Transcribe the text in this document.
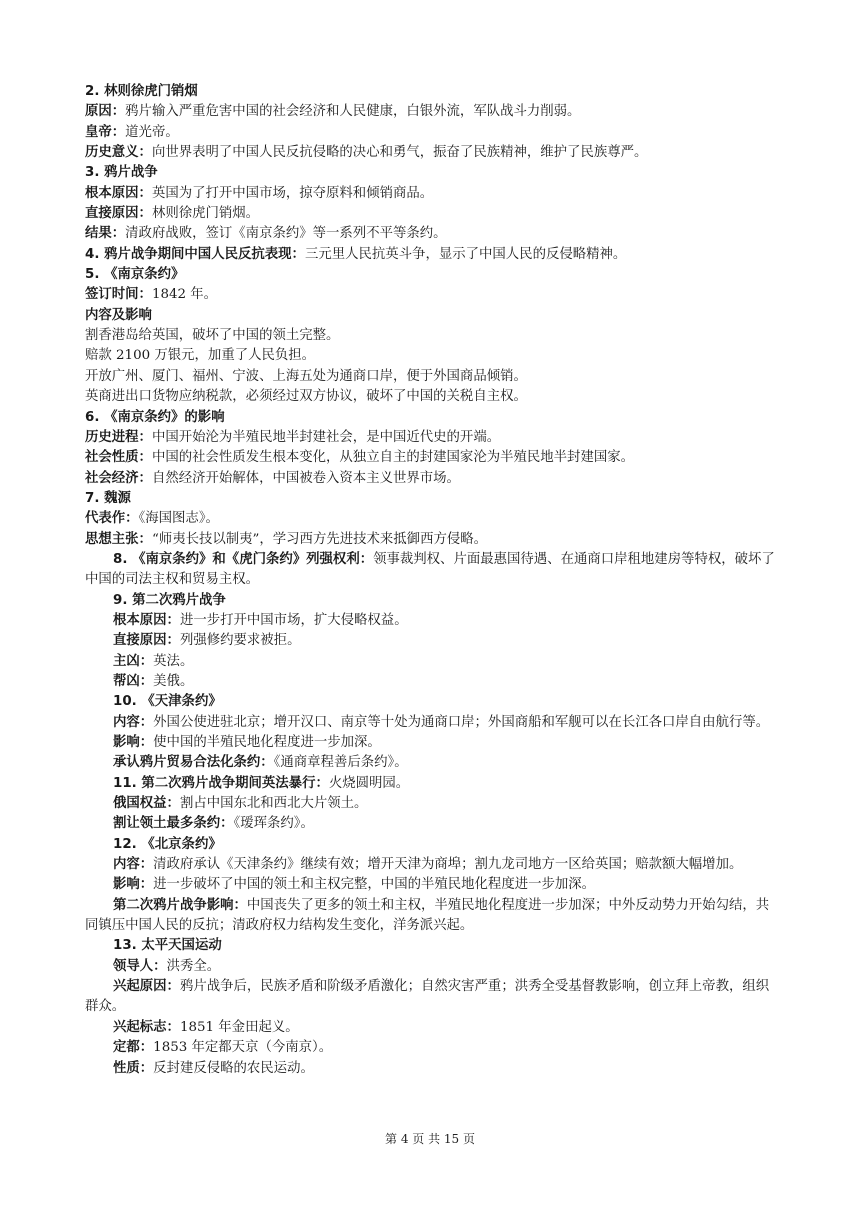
2. 林则徐虎门销烟
原因：鸦片输入严重危害中国的社会经济和人民健康，白银外流，军队战斗力削弱。
皇帝：道光帝。
历史意义：向世界表明了中国人民反抗侵略的决心和勇气，振奋了民族精神，维护了民族尊严。
3. 鸦片战争
根本原因：英国为了打开中国市场，掠夺原料和倾销商品。
直接原因：林则徐虎门销烟。
结果：清政府战败，签订《南京条约》等一系列不平等条约。
4. 鸦片战争期间中国人民反抗表现：三元里人民抗英斗争，显示了中国人民的反侵略精神。
5. 《南京条约》
签订时间：1842 年。
内容及影响
割香港岛给英国，破坏了中国的领土完整。
赔款 2100 万银元，加重了人民负担。
开放广州、厦门、福州、宁波、上海五处为通商口岸，便于外国商品倾销。
英商进出口货物应纳税款，必须经过双方协议，破坏了中国的关税自主权。
6. 《南京条约》的影响
历史进程：中国开始沦为半殖民地半封建社会，是中国近代史的开端。
社会性质：中国的社会性质发生根本变化，从独立自主的封建国家沦为半殖民地半封建国家。
社会经济：自然经济开始解体，中国被卷入资本主义世界市场。
7. 魏源
代表作：《海国图志》。
思想主张：“师夷长技以制夷”，学习西方先进技术来抵御西方侵略。
8. 《南京条约》和《虎门条约》列强权利：领事裁判权、片面最惠国待遇、在通商口岸租地建房等特权，破坏了中国的司法主权和贸易主权。
9. 第二次鸦片战争
根本原因：进一步打开中国市场，扩大侵略权益。
直接原因：列强修约要求被拒。
主凶：英法。
帮凶：美俄。
10. 《天津条约》
内容：外国公使进驻北京；增开汉口、南京等十处为通商口岸；外国商船和军舰可以在长江各口岸自由航行等。
影响：使中国的半殖民地化程度进一步加深。
承认鸦片贸易合法化条约：《通商章程善后条约》。
11. 第二次鸦片战争期间英法暴行：火烧圆明园。
俄国权益：割占中国东北和西北大片领土。
割让领土最多条约：《瑷珲条约》。
12. 《北京条约》
内容：清政府承认《天津条约》继续有效；增开天津为商埠；割九龙司地方一区给英国；赔款额大幅增加。
影响：进一步破坏了中国的领土和主权完整，中国的半殖民地化程度进一步加深。
第二次鸦片战争影响：中国丧失了更多的领土和主权，半殖民地化程度进一步加深；中外反动势力开始勾结，共同镇压中国人民的反抗；清政府权力结构发生变化，洋务派兴起。
13. 太平天国运动
领导人：洪秀全。
兴起原因：鸦片战争后，民族矛盾和阶级矛盾激化；自然灾害严重；洪秀全受基督教影响，创立拜上帝教，组织群众。
兴起标志：1851 年金田起义。
定都：1853 年定都天京（今南京）。
性质：反封建反侵略的农民运动。
第 4 页 共 15 页
